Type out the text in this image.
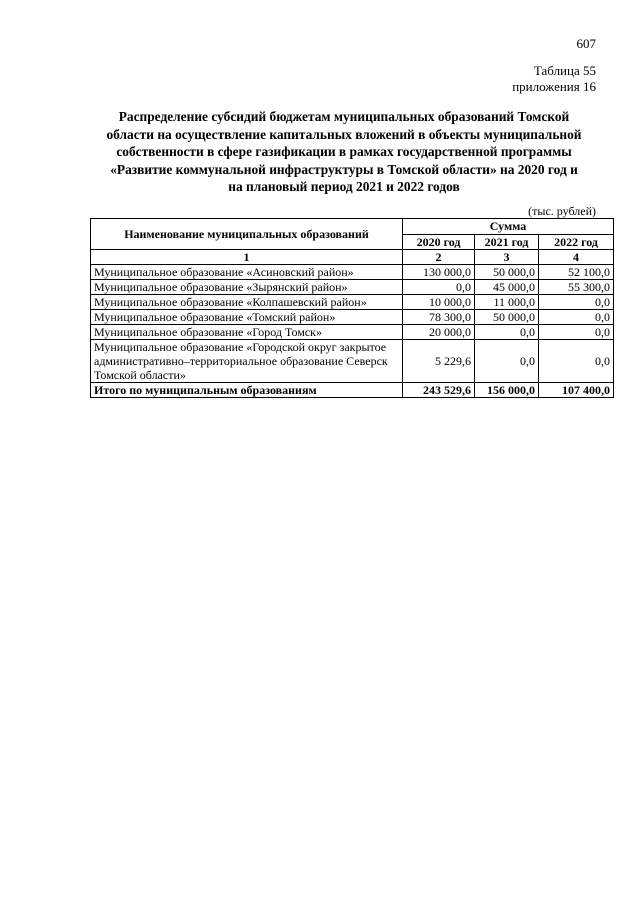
607
Таблица 55
приложения 16
Распределение субсидий бюджетам муниципальных образований Томской
области на осуществление капитальных вложений в объекты муниципальной
собственности в сфере газификации в рамках государственной программы
«Развитие коммунальной инфраструктуры в Томской области» на 2020 год и
на плановый период 2021 и 2022 годов
(тыс. рублей)
Наименование муниципальных образований	Сумма		
	2020 год	2021 год	2022 год
1	2	3	4
Муниципальное образование «Асиновский район»	130 000,0	50 000,0	52 100,0
Муниципальное образование «Зырянский район»	0,0	45 000,0	55 300,0
Муниципальное образование «Колпашевский район»	10 000,0	11 000,0	0,0
Муниципальное образование «Томский район»	78 300,0	50 000,0	0,0
Муниципальное образование «Город Томск»	20 000,0	0,0	0,0
Муниципальное образование «Городской округ закрытое административно–территориальное образование Северск Томской области»	5 229,6	0,0	0,0
Итого по муниципальным образованиям	243 529,6	156 000,0	107 400,0
